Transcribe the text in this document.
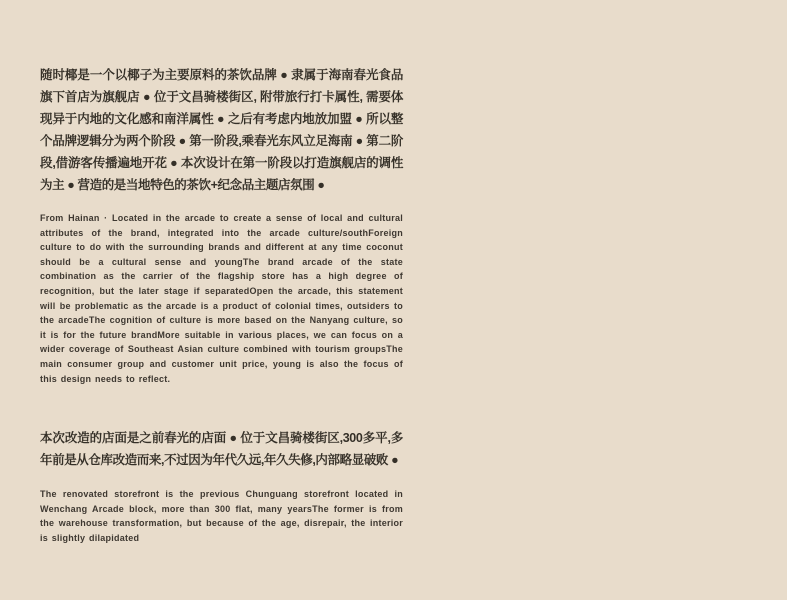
随时椰是一个以椰子为主要原料的茶饮品牌 ● 隶属于海南春光食品旗下首店为旗舰店 ● 位于文昌骑楼街区, 附带旅行打卡属性, 需要体现异于内地的文化感和南洋属性 ● 之后有考虑内地放加盟 ● 所以整个品牌逻辑分为两个阶段 ● 第一阶段,乘春光东风立足海南 ● 第二阶段,借游客传播遍地开花 ● 本次设计在第一阶段以打造旗舰店的调性为主 ● 营造的是当地特色的茶饮+纪念品主题店氛围 ●

From Hainan · Located in the arcade to create a sense of local and cultural attributes of the brand, integrated into the arcade culture/southForeign culture to do with the surrounding brands and different at any time coconut should be a cultural sense and youngThe brand arcade of the state combination as the carrier of the flagship store has a high degree of recognition, but the later stage if separatedOpen the arcade, this statement will be problematic as the arcade is a product of colonial times, outsiders to the arcadeThe cognition of culture is more based on the Nanyang culture, so it is for the future brandMore suitable in various places, we can focus on a wider coverage of Southeast Asian culture combined with tourism groupsThe main consumer group and customer unit price, young is also the focus of this design needs to reflect.

本次改造的店面是之前春光的店面 ● 位于文昌骑楼街区,300多平,多年前是从仓库改造而来,不过因为年代久远,年久失修,内部略显破败 ●

The renovated storefront is the previous Chunguang storefront located in Wenchang Arcade block, more than 300 flat, many yearsThe former is from the warehouse transformation, but because of the age, disrepair, the interior is slightly dilapidated
